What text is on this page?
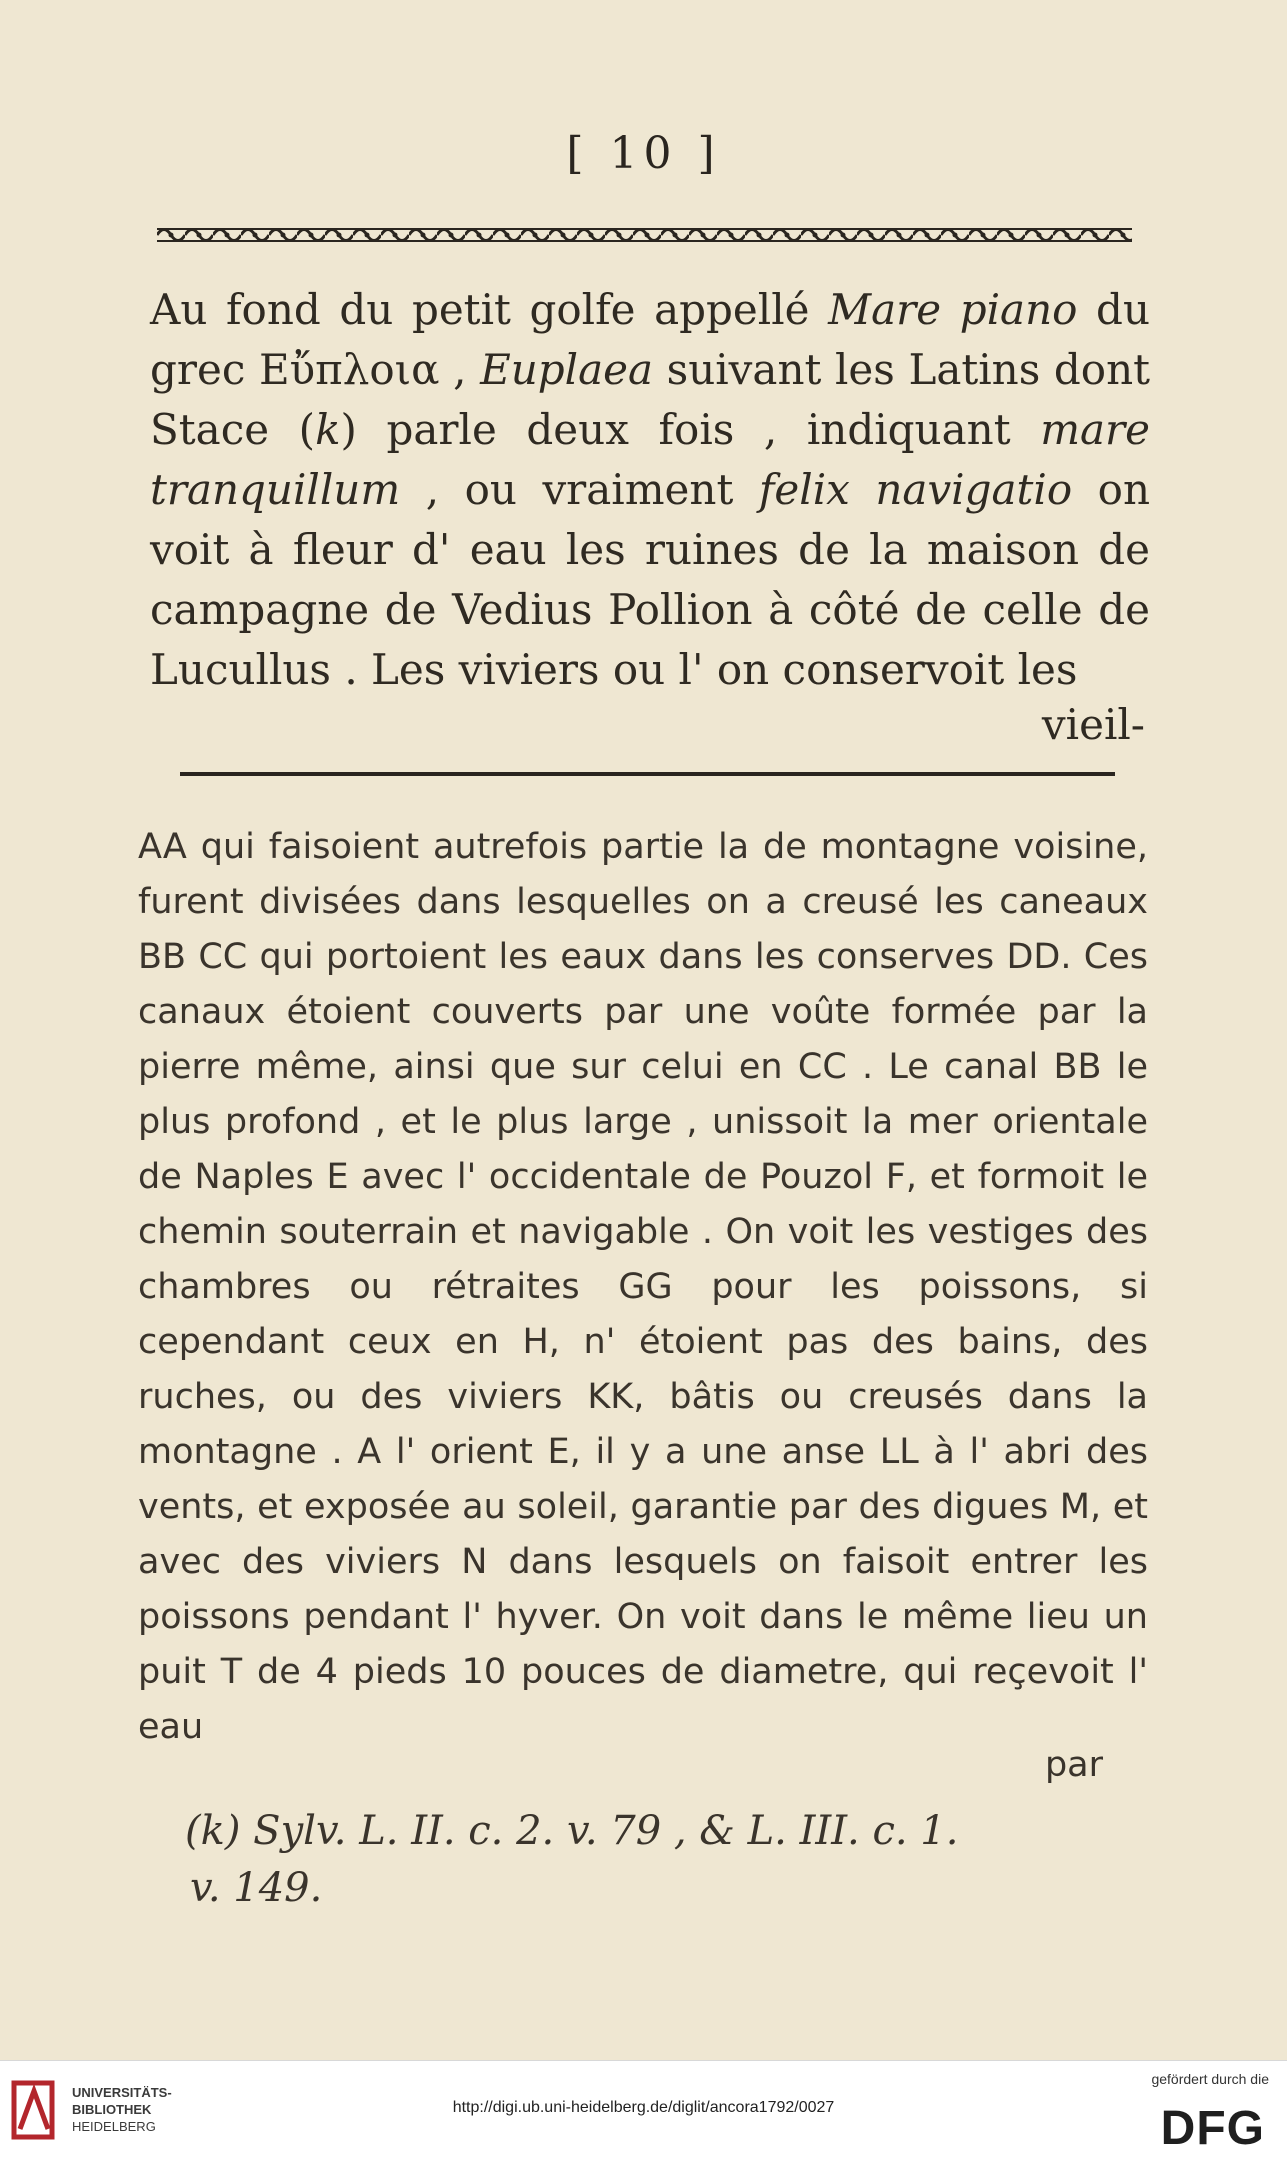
[ 10 ]
Au fond du petit golfe appellé Mare piano du grec Εὔπλοια , Euplaea suivant les Latins dont Stace (k) parle deux fois , indiquant mare tranquillum , ou vraiment felix navigatio on voit à fleur d' eau les ruines de la maison de campagne de Vedius Pollion à côté de celle de Lucullus . Les viviers ou l' on conservoit les
vieil-
AA qui faisoient autrefois partie la de montagne voisine, furent divisées dans lesquelles on a creusé les caneaux BB CC qui portoient les eaux dans les conserves DD. Ces canaux étoient couverts par une voûte formée par la pierre même, ainsi que sur celui en CC . Le canal BB le plus profond , et le plus large , unissoit la mer orientale de Naples E avec l' occidentale de Pouzol F, et formoit le chemin souterrain et navigable . On voit les vestiges des chambres ou rétraites GG pour les poissons, si cependant ceux en H, n' étoient pas des bains, des ruches, ou des viviers KK, bâtis ou creusés dans la montagne . A l' orient E, il y a une anse LL à l' abri des vents, et exposée au soleil, garantie par des digues M, et avec des viviers N dans lesquels on faisoit entrer les poissons pendant l' hyver. On voit dans le même lieu un puit T de 4 pieds 10 pouces de diametre, qui reçevoit l' eau
par
(k) Sylv. L. II. c. 2. v. 79 , & L. III. c. 1.
v. 149.
UNIVERSITÄTS-
BIBLIOTHEK
HEIDELBERG
http://digi.ub.uni-heidelberg.de/diglit/ancora1792/0027
gefördert durch die
DFG
